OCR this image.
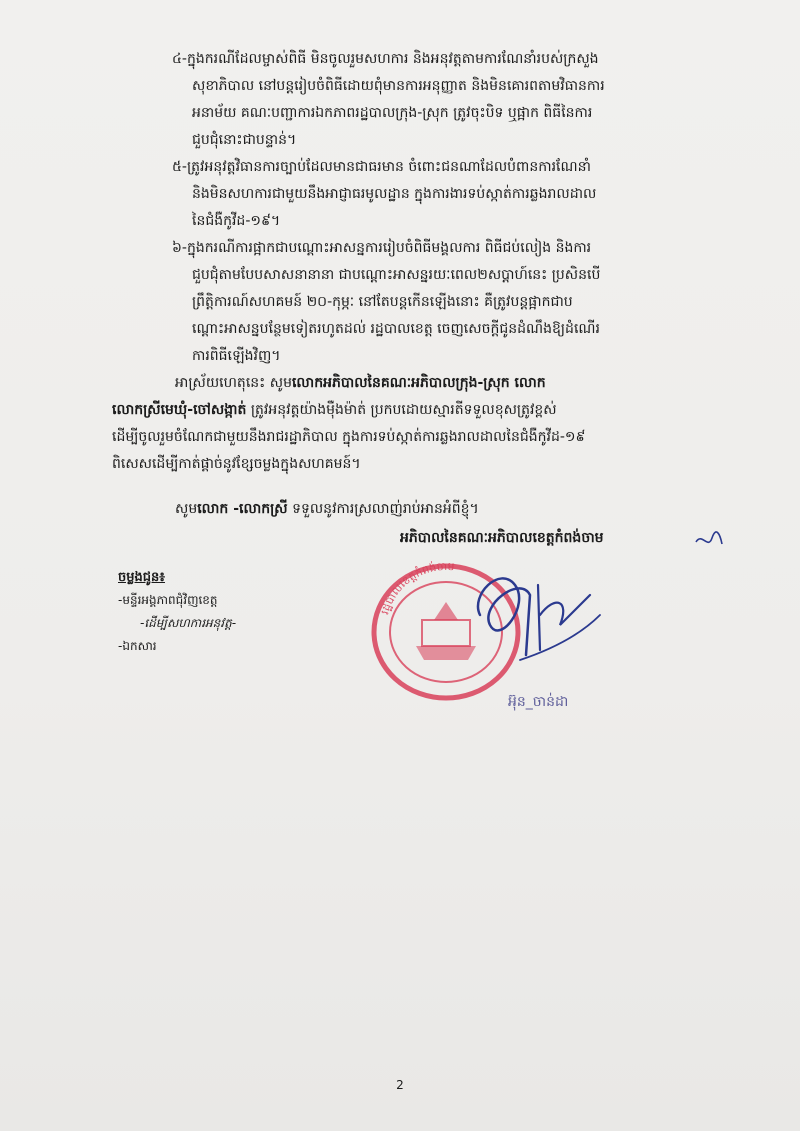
៤-ក្នុងករណីដែលម្ចាស់ពិធី មិនចូលរួមសហការ និងអនុវត្តតាមការណែនាំរបស់ក្រសួង
សុខាភិបាល នៅបន្តរៀបចំពិធីដោយពុំមានការអនុញ្ញាត និងមិនគោរពតាមវិធានការ
អនាម័យ គណៈបញ្ជាការឯកភាពរដ្ឋបាលក្រុង-ស្រុក ត្រូវចុះបិទ ឬផ្អាក ពិធីនៃការ
ជួបជុំនោះជាបន្ទាន់។

៥-ត្រូវអនុវត្តវិធានការច្បាប់ដែលមានជាធរមាន ចំពោះជនណាដែលបំពានការណែនាំ
និងមិនសហការជាមួយនឹងអាជ្ញាធរមូលដ្ឋាន ក្នុងការងារទប់ស្កាត់ការឆ្លងរាលដាល
នៃជំងឺកូវីដ-១៩។

៦-ក្នុងករណីការផ្អាកជាបណ្តោះអាសន្នការរៀបចំពិធីមង្គលការ ពិធីជប់លៀង និងការ
ជួបជុំតាមបែបសាសនានានា ជាបណ្តោះអាសន្នរយៈពេល២សប្តាហ៍នេះ ប្រសិនបើ
ព្រឹត្តិការណ៍សហគមន៍ ២០-កុម្ភៈ នៅតែបន្តកើនឡើងនោះ គឺត្រូវបន្តផ្អាកជាប
ណ្តោះអាសន្នបន្ថែមទៀតរហូតដល់ រដ្ឋបាលខេត្ត ចេញសេចក្តីជូនដំណឹងឱ្យដំណើរ
ការពិធីឡើងវិញ។

អាស្រ័យហេតុនេះ សូមលោកអភិបាលនៃគណៈអភិបាលក្រុង-ស្រុក លោក
លោកស្រីមេឃុំ-ចៅសង្កាត់ ត្រូវអនុវត្តយ៉ាងម៉ឺងម៉ាត់ ប្រកបដោយស្មារតីទទួលខុសត្រូវខ្ពស់
ដើម្បីចូលរួមចំណែកជាមួយនឹងរាជរដ្ឋាភិបាល ក្នុងការទប់ស្កាត់ការឆ្លងរាលដាលនៃជំងឺកូវីដ-១៩
ពិសេសដើម្បីកាត់ផ្តាច់នូវខ្សែចម្លងក្នុងសហគមន៍។

សូមលោក -លោកស្រី ទទួលនូវការស្រលាញ់រាប់អានអំពីខ្ញុំ។
អភិបាលនៃគណៈអភិបាលខេត្តកំពង់ចាម
ចម្លងជូន៖
-មន្ទីរអង្គភាពជុំវិញខេត្ត
-ដើម្បីសហការអនុវត្ត-
-ឯកសារ
រដ្ឋបាលខេត្តកំពង់ចាម
អ៊ុន_ចាន់ដា
2
